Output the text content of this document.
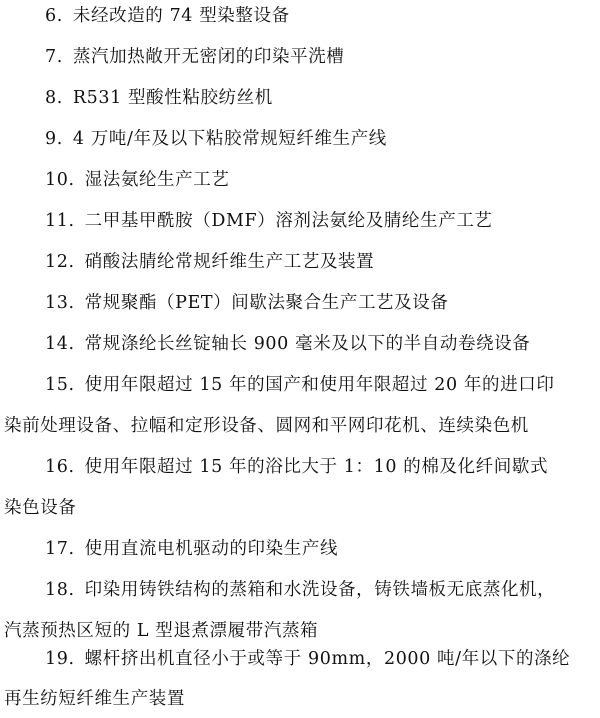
6. 未经改造的 74 型染整设备
7. 蒸汽加热敞开无密闭的印染平洗槽
8. R531 型酸性粘胶纺丝机
9. 4 万吨/年及以下粘胶常规短纤维生产线
10. 湿法氨纶生产工艺
11. 二甲基甲酰胺（DMF）溶剂法氨纶及腈纶生产工艺
12. 硝酸法腈纶常规纤维生产工艺及装置
13. 常规聚酯（PET）间歇法聚合生产工艺及设备
14. 常规涤纶长丝锭轴长 900 毫米及以下的半自动卷绕设备
15. 使用年限超过 15 年的国产和使用年限超过 20 年的进口印
染前处理设备、拉幅和定形设备、圆网和平网印花机、连续染色机
16. 使用年限超过 15 年的浴比大于 1：10 的棉及化纤间歇式
染色设备
17. 使用直流电机驱动的印染生产线
18. 印染用铸铁结构的蒸箱和水洗设备，铸铁墙板无底蒸化机，
汽蒸预热区短的 L 型退煮漂履带汽蒸箱
19. 螺杆挤出机直径小于或等于 90mm，2000 吨/年以下的涤纶
再生纺短纤维生产装置
